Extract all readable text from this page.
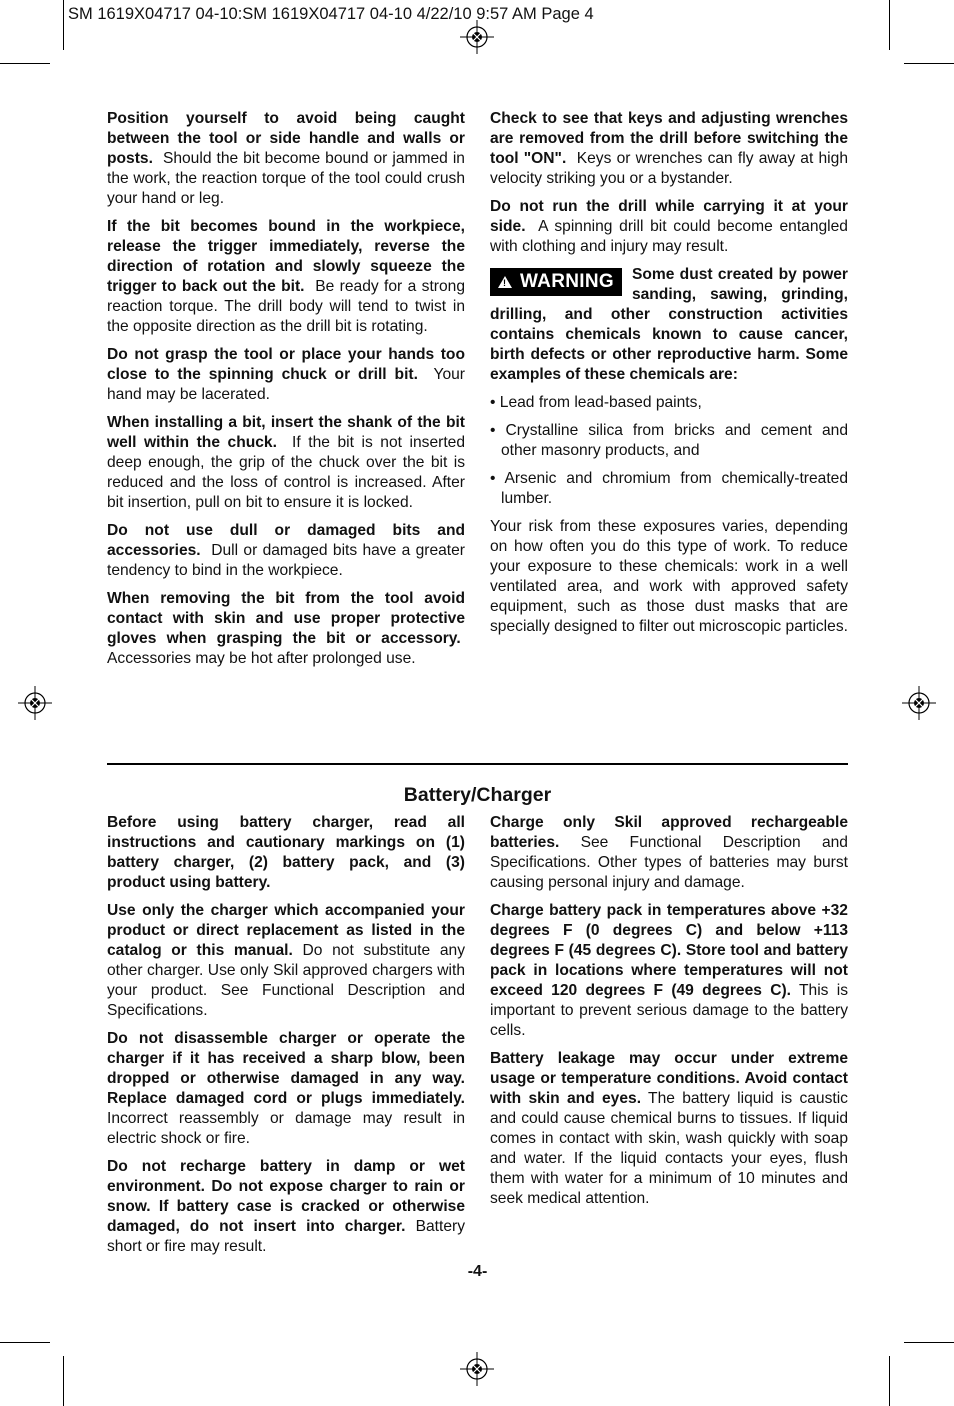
SM 1619X04717 04-10:SM 1619X04717 04-10 4/22/10 9:57 AM Page 4

Position yourself to avoid being caught between the tool or side handle and walls or posts. Should the bit become bound or jammed in the work, the reaction torque of the tool could crush your hand or leg.

If the bit becomes bound in the workpiece, release the trigger immediately, reverse the direction of rotation and slowly squeeze the trigger to back out the bit. Be ready for a strong reaction torque. The drill body will tend to twist in the opposite direction as the drill bit is rotating.

Do not grasp the tool or place your hands too close to the spinning chuck or drill bit. Your hand may be lacerated.

When installing a bit, insert the shank of the bit well within the chuck. If the bit is not inserted deep enough, the grip of the chuck over the bit is reduced and the loss of control is increased. After bit insertion, pull on bit to ensure it is locked.

Do not use dull or damaged bits and accessories. Dull or damaged bits have a greater tendency to bind in the workpiece.

When removing the bit from the tool avoid contact with skin and use proper protective gloves when grasping the bit or accessory.  Accessories may be hot after prolonged use.

Check to see that keys and adjusting wrenches are removed from the drill before switching the tool "ON". Keys or wrenches can fly away at high velocity striking you or a bystander.

Do not run the drill while carrying it at your side. A spinning drill bit could become entangled with clothing and injury may result.

! WARNING Some dust created by power sanding, sawing, grinding, drilling, and other construction activities contains chemicals known to cause cancer, birth defects or other reproductive harm. Some examples of these chemicals are:

• Lead from lead-based paints,

• Crystalline silica from bricks and cement and other masonry products, and

• Arsenic and chromium from chemically-treated lumber.

Your risk from these exposures varies, depending on how often you do this type of work. To reduce your exposure to these chemicals: work in a well ventilated area, and work with approved safety equipment, such as those dust masks that are specially designed to filter out microscopic particles.

Battery/Charger

Before using battery charger, read all instructions and cautionary markings on (1) battery charger, (2) battery pack, and (3) product using battery.

Use only the charger which accompanied your product or direct replacement as listed in the catalog or this manual. Do not substitute any other charger. Use only Skil approved chargers with your product. See Functional Description and Specifications.

Do not disassemble charger or operate the charger if it has received a sharp blow, been dropped or otherwise damaged in any way. Replace damaged cord or plugs immediately. Incorrect reassembly or damage may result in electric shock or fire.

Do not recharge battery in damp or wet environment. Do not expose charger to rain or snow. If battery case is cracked or otherwise damaged, do not insert into charger. Battery short or fire may result.

Charge only Skil approved rechargeable batteries. See Functional Description and Specifications. Other types of batteries may burst causing personal injury and damage.

Charge battery pack in temperatures above +32 degrees F (0 degrees C) and below +113 degrees F (45 degrees C). Store tool and battery pack in locations where temperatures will not exceed 120 degrees F (49 degrees C). This is important to prevent serious damage to the battery cells.

Battery leakage may occur under extreme usage or temperature conditions. Avoid contact with skin and eyes. The battery liquid is caustic and could cause chemical burns to tissues. If liquid comes in contact with skin, wash quickly with soap and water. If the liquid contacts your eyes, flush them with water for a minimum of 10 minutes and seek medical attention.

-4-
